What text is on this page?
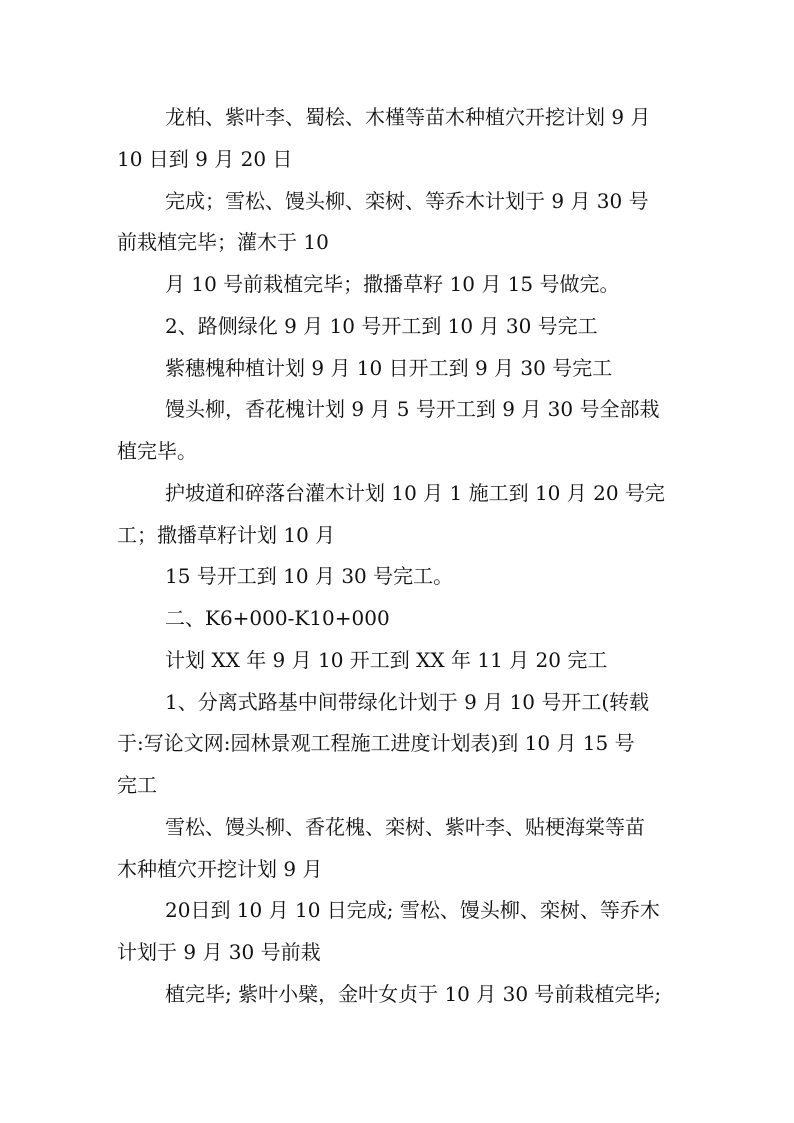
龙柏、紫叶李、蜀桧、木槿等苗木种植穴开挖计划 9 月

10 日到 9 月 20 日

完成；雪松、馒头柳、栾树、等乔木计划于 9 月 30 号

前栽植完毕；灌木于 10

月 10 号前栽植完毕；撒播草籽 10 月 15 号做完。

2、路侧绿化 9 月 10 号开工到 10 月 30 号完工

紫穗槐种植计划 9 月 10 日开工到 9 月 30 号完工

馒头柳，香花槐计划 9 月 5 号开工到 9 月 30 号全部栽

植完毕。

护坡道和碎落台灌木计划 10 月 1 施工到 10 月 20 号完

工；撒播草籽计划 10 月

15 号开工到 10 月 30 号完工。

二、K6+000-K10+000

计划 XX 年 9 月 10 开工到 XX 年 11 月 20 完工

1、分离式路基中间带绿化计划于 9 月 10 号开工(转载

于:写论文网:园林景观工程施工进度计划表)到 10 月 15 号

完工

雪松、馒头柳、香花槐、栾树、紫叶李、贴梗海棠等苗

木种植穴开挖计划 9 月

20日到 10 月 10 日完成; 雪松、馒头柳、栾树、等乔木

计划于 9 月 30 号前栽

植完毕; 紫叶小檗，金叶女贞于 10 月 30 号前栽植完毕;
